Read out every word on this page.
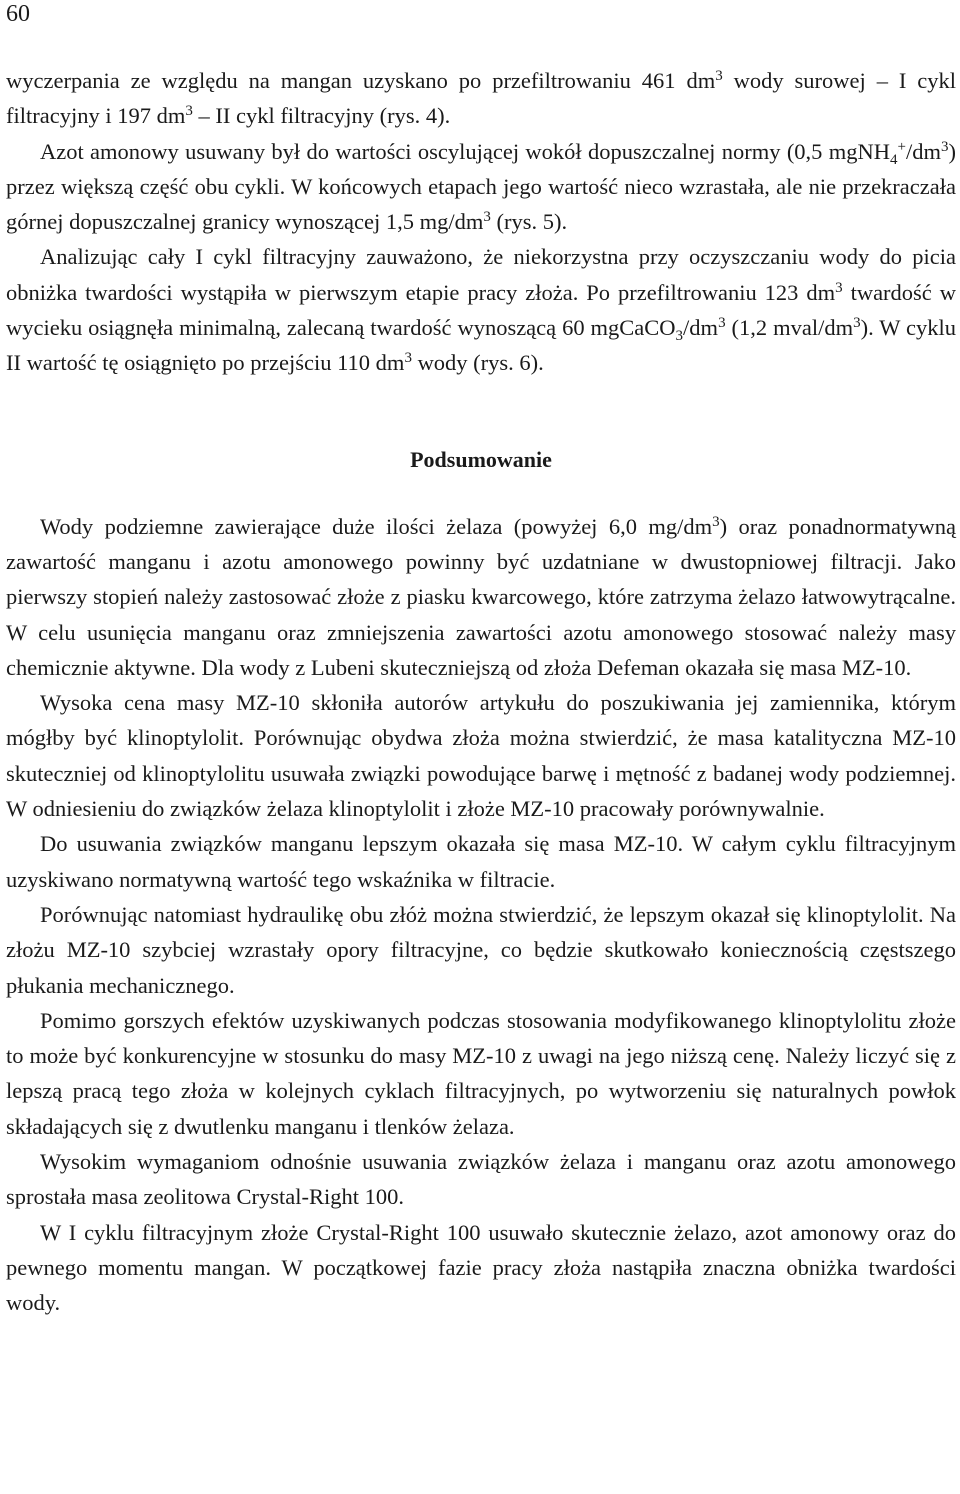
60

wyczerpania ze względu na mangan uzyskano po przefiltrowaniu 461 $dm^3$ wody surowej – I cykl filtracyjny i 197 $dm^3$ – II cykl filtracyjny (rys. 4).

Azot amonowy usuwany był do wartości oscylującej wokół dopuszczalnej normy (0,5 $mgNH_4^+/dm^3$) przez większą część obu cykli. W końcowych etapach jego wartość nieco wzrastała, ale nie przekraczała górnej dopuszczalnej granicy wynoszącej 1,5 $mg/dm^3$ (rys. 5).

Analizując cały I cykl filtracyjny zauważono, że niekorzystna przy oczyszczaniu wody do picia obniżka twardości wystąpiła w pierwszym etapie pracy złoża. Po przefiltrowaniu 123 $dm^3$ twardość w wycieku osiągnęła minimalną, zalecaną twardość wynoszącą 60 $mgCaCO_3/dm^3$ (1,2 mval/$dm^3$). W cyklu II wartość tę osiągnięto po przejściu 110 $dm^3$ wody (rys. 6).

Podsumowanie

Wody podziemne zawierające duże ilości żelaza (powyżej 6,0 $mg/dm^3$) oraz ponadnormatywną zawartość manganu i azotu amonowego powinny być uzdatniane w dwustopniowej filtracji. Jako pierwszy stopień należy zastosować złoże z piasku kwarcowego, które zatrzyma żelazo łatwowytrącalne. W celu usunięcia manganu oraz zmniejszenia zawartości azotu amonowego stosować należy masy chemicznie aktywne. Dla wody z Lubeni skuteczniejszą od złoża Defeman okazała się masa MZ-10.

Wysoka cena masy MZ-10 skłoniła autorów artykułu do poszukiwania jej zamiennika, którym mógłby być klinoptylolit. Porównując obydwa złoża można stwierdzić, że masa katalityczna MZ-10 skuteczniej od klinoptylolitu usuwała związki powodujące barwę i mętność z badanej wody podziemnej. W odniesieniu do związków żelaza klinoptylolit i złoże MZ-10 pracowały porównywalnie.

Do usuwania związków manganu lepszym okazała się masa MZ-10. W całym cyklu filtracyjnym uzyskiwano normatywną wartość tego wskaźnika w filtracie.

Porównując natomiast hydraulikę obu złóż można stwierdzić, że lepszym okazał się klinoptylolit. Na złożu MZ-10 szybciej wzrastały opory filtracyjne, co będzie skutkowało koniecznością częstszego płukania mechanicznego.

Pomimo gorszych efektów uzyskiwanych podczas stosowania modyfikowanego klinoptylolitu złoże to może być konkurencyjne w stosunku do masy MZ-10 z uwagi na jego niższą cenę. Należy liczyć się z lepszą pracą tego złoża w kolejnych cyklach filtracyjnych, po wytworzeniu się naturalnych powłok składających się z dwutlenku manganu i tlenków żelaza.

Wysokim wymaganiom odnośnie usuwania związków żelaza i manganu oraz azotu amonowego sprostała masa zeolitowa Crystal-Right 100.

W I cyklu filtracyjnym złoże Crystal-Right 100 usuwało skutecznie żelazo, azot amonowy oraz do pewnego momentu mangan. W początkowej fazie pracy złoża nastąpiła znaczna obniżka twardości wody.
